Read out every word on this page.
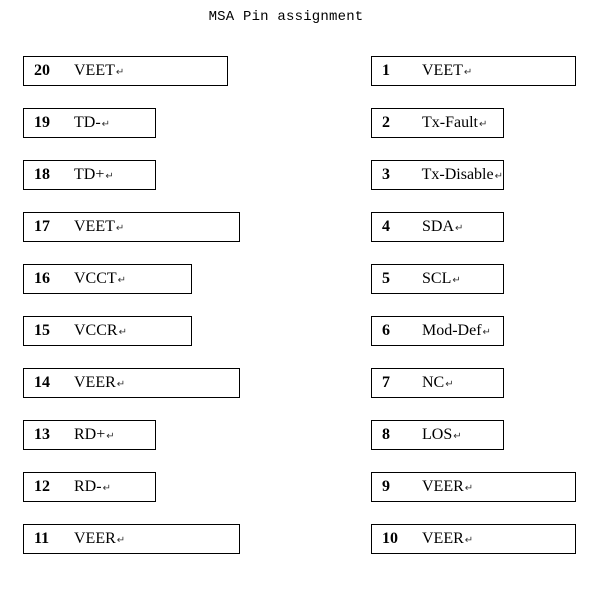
MSA Pin assignment
20	VEET ↵
19	TD- ↵
18	TD+ ↵
17	VEET ↵
16	VCCT ↵
15	VCCR ↵
14	VEER ↵
13	RD+ ↵
12	RD- ↵
11	VEER ↵
1	VEET ↵
2	Tx-Fault ↵
3	Tx-Disable ↵
4	SDA ↵
5	SCL ↵
6	Mod-Def ↵
7	NC ↵
8	LOS ↵
9	VEER ↵
10	VEER ↵
